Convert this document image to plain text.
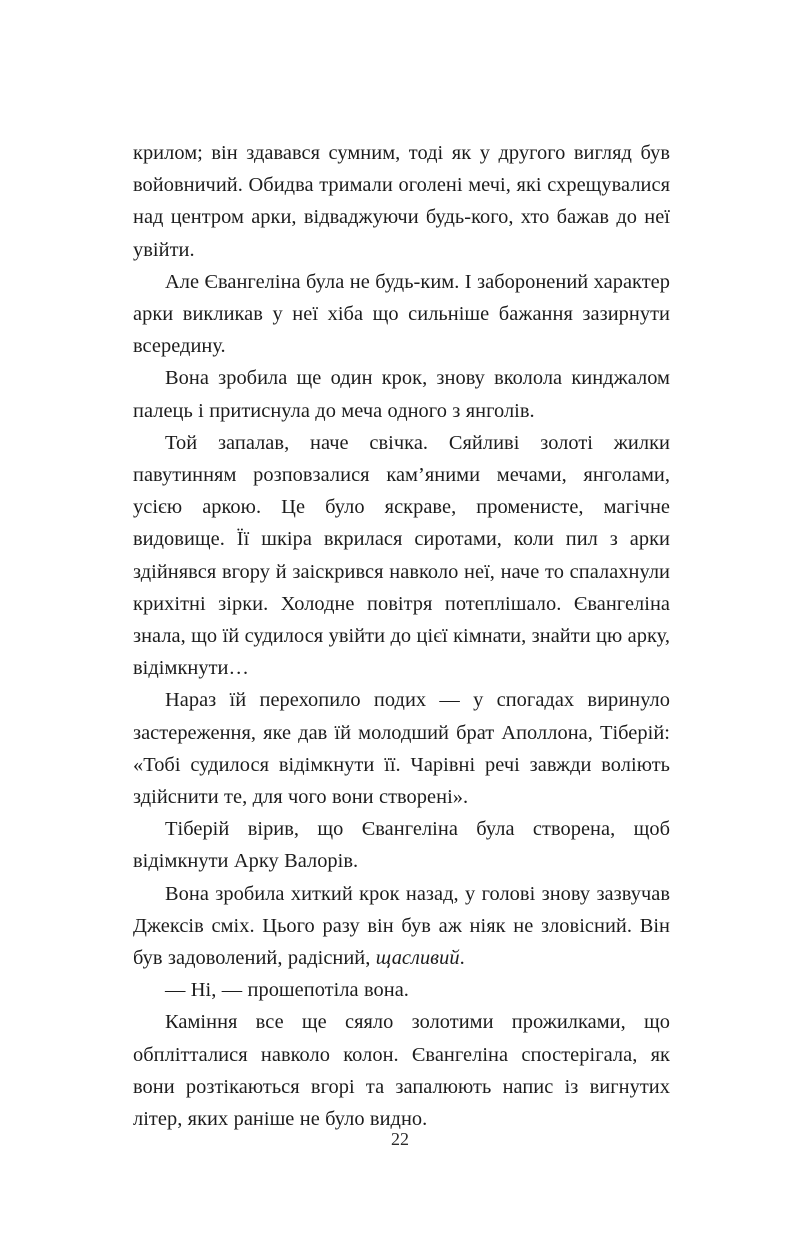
крилом; він здавався сумним, тоді як у другого вигляд був войовничий. Обидва тримали оголені мечі, які схрещувалися над центром арки, відваджуючи будь-кого, хто бажав до неї увійти.

Але Євангеліна була не будь-ким. І заборонений характер арки викликав у неї хіба що сильніше бажання зазирнути всередину.

Вона зробила ще один крок, знову вколола кинджалом палець і притиснула до меча одного з янголів.

Той запалав, наче свічка. Сяйливі золоті жилки павутинням розповзалися кам’яними мечами, янголами, усією аркою. Це було яскраве, променисте, магічне видовище. Її шкіра вкрилася сиротами, коли пил з арки здійнявся вгору й заіскрився навколо неї, наче то спалахнули крихітні зірки. Холодне повітря потеплішало. Євангеліна знала, що їй судилося увійти до цієї кімнати, знайти цю арку, відімкнути…

Нараз їй перехопило подих — у спогадах виринуло застереження, яке дав їй молодший брат Аполлона, Тіберій: «Тобі судилося відімкнути її. Чарівні речі завжди воліють здійснити те, для чого вони створені».

Тіберій вірив, що Євангеліна була створена, щоб відімкнути Арку Валорів.

Вона зробила хиткий крок назад, у голові знову зазвучав Джексів сміх. Цього разу він був аж ніяк не зловісний. Він був задоволений, радісний, щасливий.

— Ні, — прошепотіла вона.

Каміння все ще сяяло золотими прожилками, що обплітталися навколо колон. Євангеліна спостерігала, як вони розтікаються вгорі та запалюють напис із вигнутих літер, яких раніше не було видно.

22
